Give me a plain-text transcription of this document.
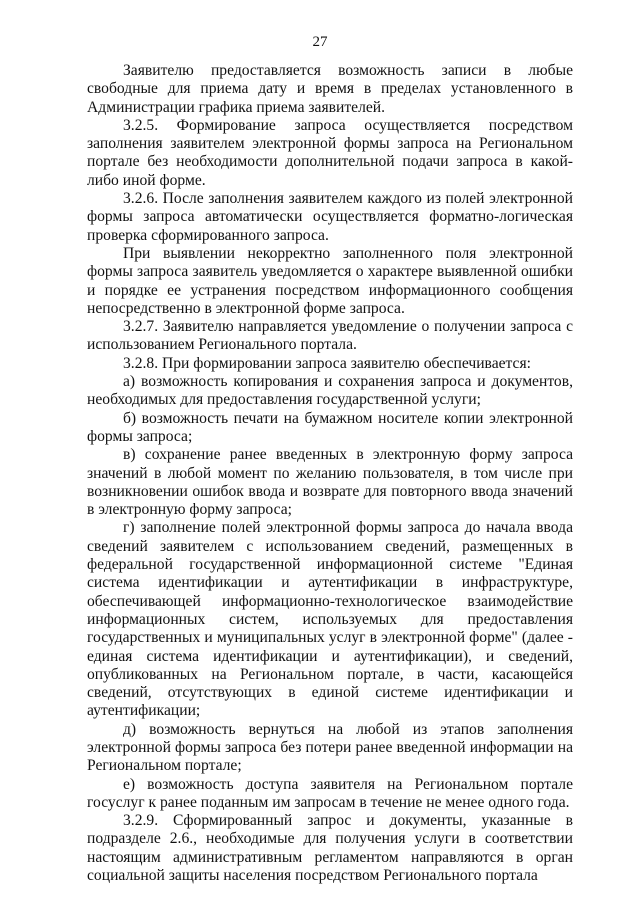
27

Заявителю предоставляется возможность записи в любые свободные для приема дату и время в пределах установленного в Администрации графика приема заявителей.

3.2.5. Формирование запроса осуществляется посредством заполнения заявителем электронной формы запроса на Региональном портале без необходимости дополнительной подачи запроса в какой-либо иной форме.

3.2.6. После заполнения заявителем каждого из полей электронной формы запроса автоматически осуществляется форматно-логическая проверка сформированного запроса.

При выявлении некорректно заполненного поля электронной формы запроса заявитель уведомляется о характере выявленной ошибки и порядке ее устранения посредством информационного сообщения непосредственно в электронной форме запроса.

3.2.7. Заявителю направляется уведомление о получении запроса с использованием Регионального портала.

3.2.8. При формировании запроса заявителю обеспечивается:

а) возможность копирования и сохранения запроса и документов, необходимых для предоставления государственной услуги;

б) возможность печати на бумажном носителе копии электронной формы запроса;

в) сохранение ранее введенных в электронную форму запроса значений в любой момент по желанию пользователя, в том числе при возникновении ошибок ввода и возврате для повторного ввода значений в электронную форму запроса;

г) заполнение полей электронной формы запроса до начала ввода сведений заявителем с использованием сведений, размещенных в федеральной государственной информационной системе "Единая система идентификации и аутентификации в инфраструктуре, обеспечивающей информационно-технологическое взаимодействие информационных систем, используемых для предоставления государственных и муниципальных услуг в электронной форме" (далее - единая система идентификации и аутентификации), и сведений, опубликованных на Региональном портале, в части, касающейся сведений, отсутствующих в единой системе идентификации и аутентификации;

д) возможность вернуться на любой из этапов заполнения электронной формы запроса без потери ранее введенной информации на Региональном портале;

е) возможность доступа заявителя на Региональном портале госуслуг к ранее поданным им запросам в течение не менее одного года.

3.2.9. Сформированный запрос и документы, указанные в подразделе 2.6., необходимые для получения услуги в соответствии настоящим административным регламентом направляются в орган социальной защиты населения посредством Регионального портала
